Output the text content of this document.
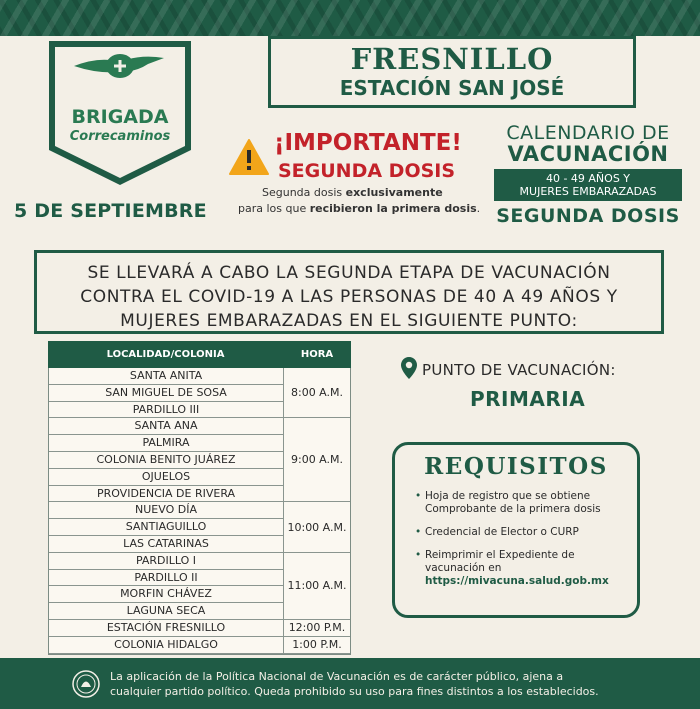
BRIGADA
Correcaminos
5 DE SEPTIEMBRE
FRESNILLO
ESTACIÓN SAN JOSÉ
¡IMPORTANTE!
SEGUNDA DOSIS
Segunda dosis exclusivamente
para los que recibieron la primera dosis.
CALENDARIO DE
VACUNACIÓN
40 - 49 AÑOS Y
MUJERES EMBARAZADAS
SEGUNDA DOSIS
SE LLEVARÁ A CABO LA SEGUNDA ETAPA DE VACUNACIÓN
CONTRA EL COVID-19 A LAS PERSONAS DE 40 A 49 AÑOS Y
MUJERES EMBARAZADAS EN EL SIGUIENTE PUNTO:
LOCALIDAD/COLONIA	HORA
SANTA ANITA
SAN MIGUEL DE SOSA
PARDILLO III
SANTA ANA
PALMIRA
COLONIA BENITO JUÁREZ
OJUELOS
PROVIDENCIA DE RIVERA
NUEVO DÍA
SANTIAGUILLO
LAS CATARINAS
PARDILLO I
PARDILLO II
MORFIN CHÁVEZ
LAGUNA SECA
ESTACIÓN FRESNILLO
COLONIA HIDALGO
8:00 A.M.
9:00 A.M.
10:00 A.M.
11:00 A.M.
12:00 P.M.
1:00 P.M.
PUNTO DE VACUNACIÓN:
PRIMARIA
REQUISITOS
• Hoja de registro que se obtiene
Comprobante de la primera dosis
• Credencial de Elector o CURP
• Reimprimir el Expediente de
vacunación en
https://mivacuna.salud.gob.mx
La aplicación de la Política Nacional de Vacunación es de carácter público, ajena a
cualquier partido político. Queda prohibido su uso para fines distintos a los establecidos.
